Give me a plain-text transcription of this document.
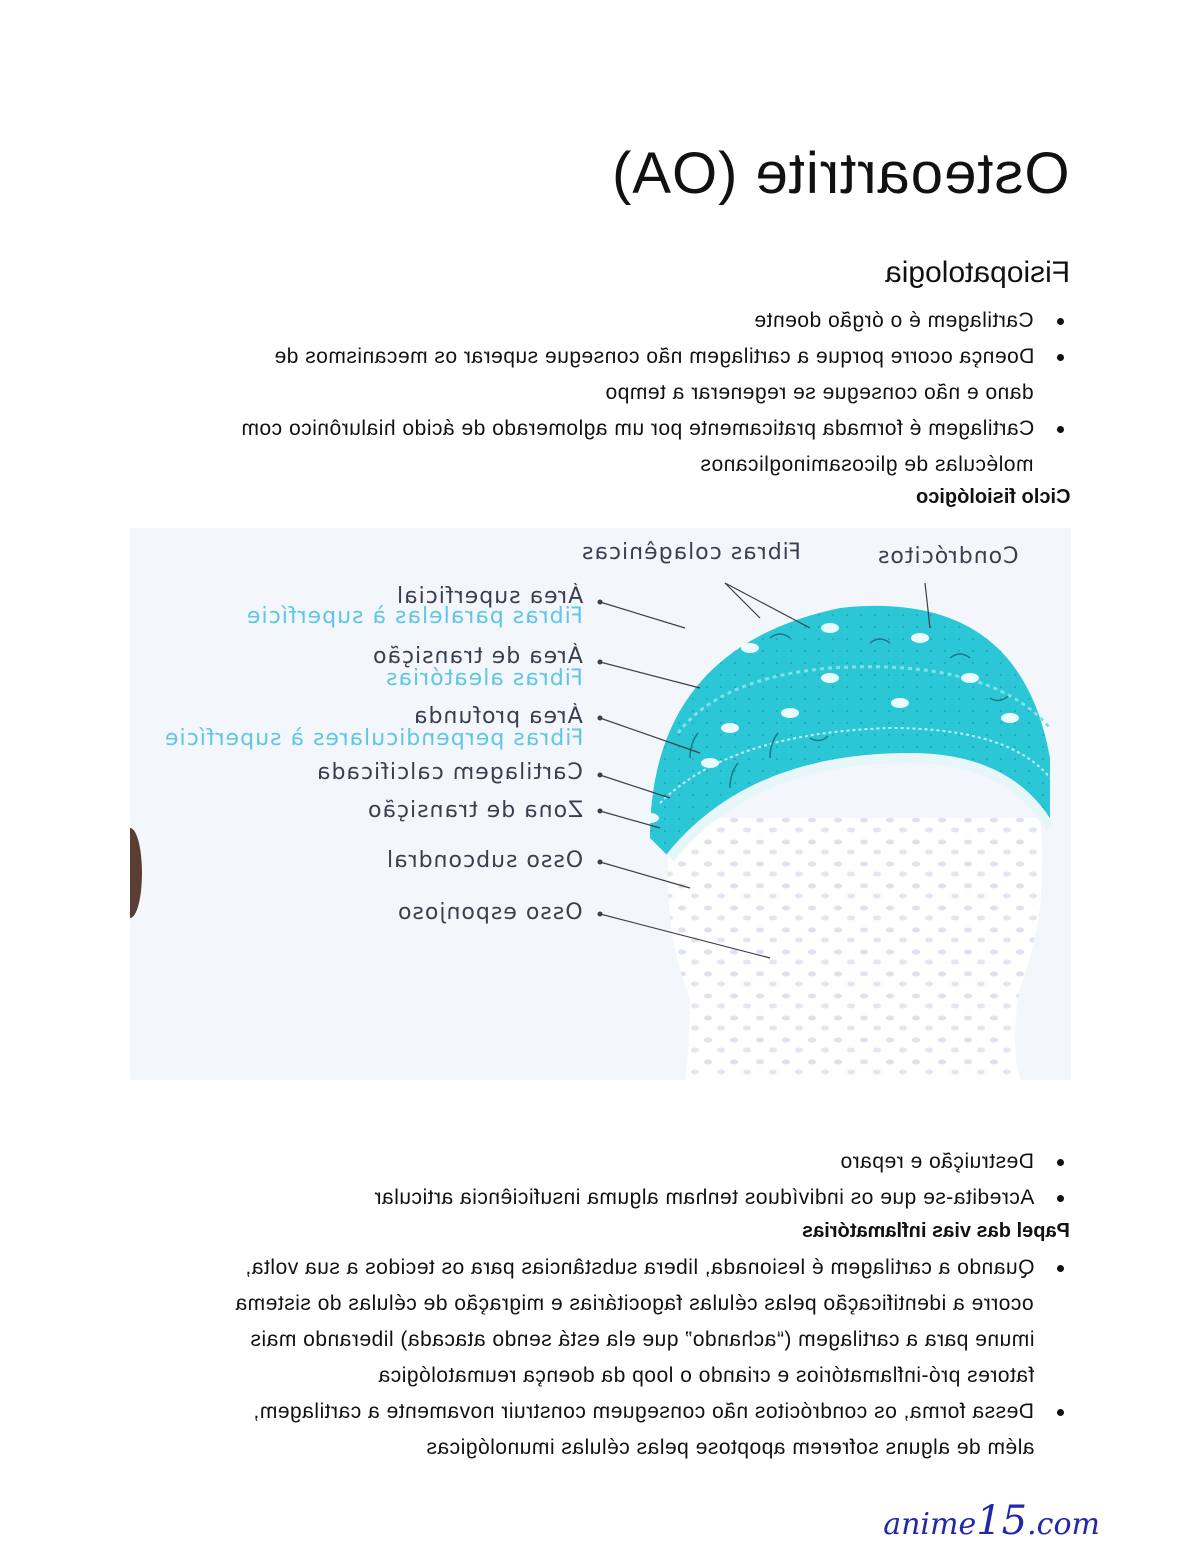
Osteoartrite (OA)
Fisiopatologia
Cartilagem é o órgão doente
Doença ocorre porque a cartilagem não consegue superar os mecanismos de
dano e não consegue se regenerar a tempo
Cartilagem é formada praticamente por um aglomerado de ácido hialurônico com
moléculas de glicosaminoglicanos
Ciclo fisiológico
Condrócitos
Fibras colagênicas
Área superficial
Fibras paralelas à superfície
Área de transição
Fibras aleatórias
Área profunda
Fibras perpendiculares à superfície
Cartilagem calcificada
Zona de transição
Osso subcondral
Osso esponjoso
Destruição e reparo
Acredita-se que os indivíduos tenham alguma insuficiência articular
Papel das vias inflamatórias
Quando a cartilagem é lesionada, libera substâncias para os tecidos a sua volta,
ocorre a identificação pelas células fagocitárias e migração de células do sistema
imune para a cartilagem (“achando” que ela está sendo atacada) liberando mais
fatores pró-inflamatórios e criando o loop da doença reumatológica
Dessa forma, os condrócitos não conseguem construir novamente a cartilagem,
além de alguns sofrerem apoptose pelas células imunológicas
anime15.com
